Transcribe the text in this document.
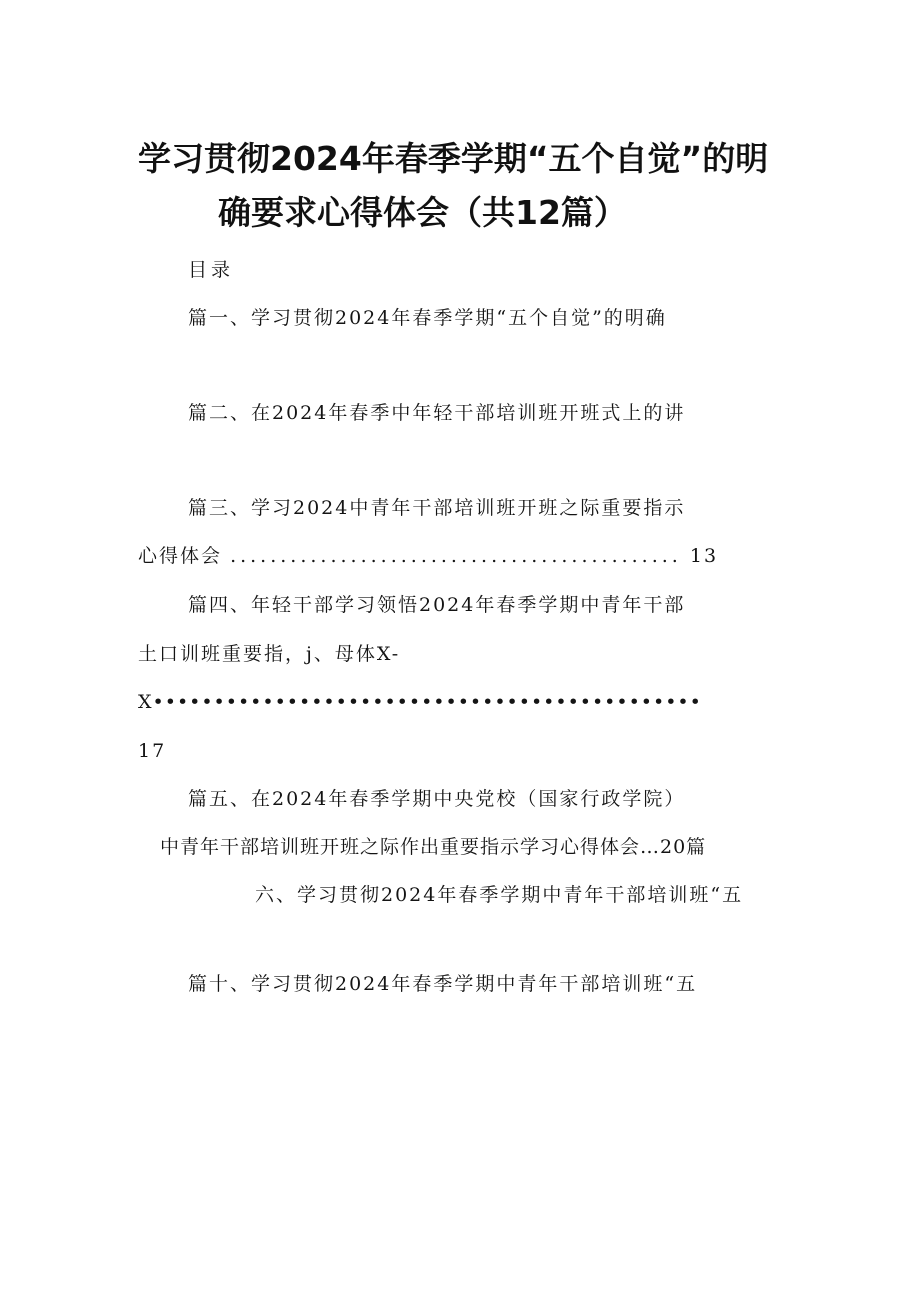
学习贯彻2024年春季学期“五个自觉”的明
确要求心得体会（共12篇）
目录
篇一、学习贯彻2024年春季学期“五个自觉”的明确
篇二、在2024年春季中年轻干部培训班开班式上的讲
篇三、学习2024中青年干部培训班开班之际重要指示
心得体会 ............................................. 13
篇四、年轻干部学习领悟2024年春季学期中青年干部
土口训班重要指，j、母体X-
X•••••••••••••••••••••••••••••••••••••••••••••
17
篇五、在2024年春季学期中央党校（国家行政学院）
中青年干部培训班开班之际作出重要指示学习心得体会…20篇
六、学习贯彻2024年春季学期中青年干部培训班“五
篇十、学习贯彻2024年春季学期中青年干部培训班“五
